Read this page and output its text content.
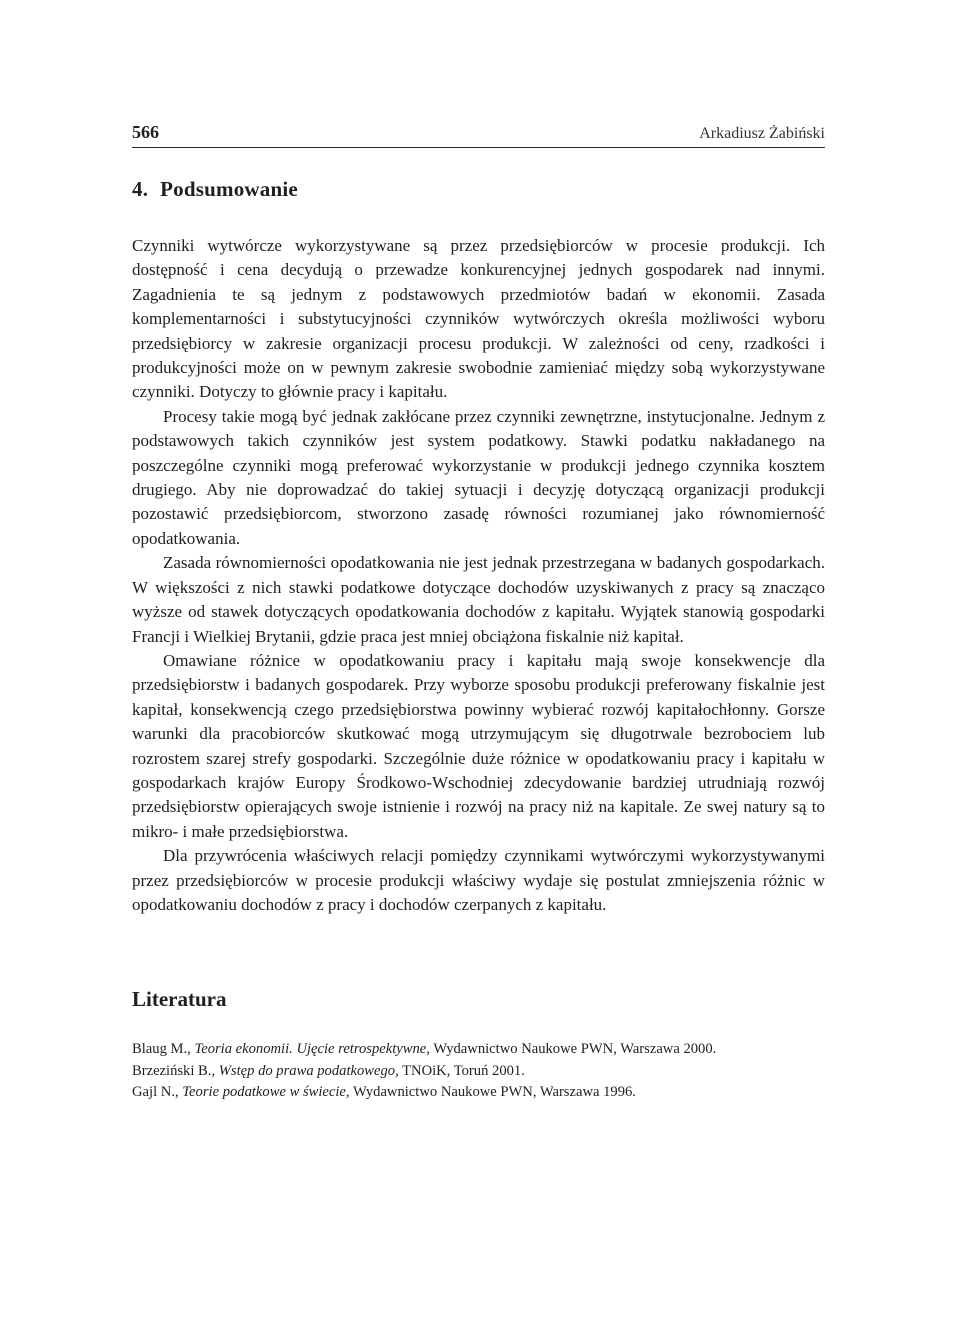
566	Arkadiusz Żabiński
4. Podsumowanie

Czynniki wytwórcze wykorzystywane są przez przedsiębiorców w procesie produkcji. Ich dostępność i cena decydują o przewadze konkurencyjnej jednych gospodarek nad innymi. Zagadnienia te są jednym z podstawowych przedmiotów badań w ekonomii. Zasada komplementarności i substytucyjności czynników wytwórczych określa możliwości wyboru przedsiębiorcy w zakresie organizacji procesu produkcji. W zależności od ceny, rzadkości i produkcyjności może on w pewnym zakresie swobodnie zamieniać między sobą wykorzystywane czynniki. Dotyczy to głównie pracy i kapitału.

Procesy takie mogą być jednak zakłócane przez czynniki zewnętrzne, instytucjonalne. Jednym z podstawowych takich czynników jest system podatkowy. Stawki podatku nakładanego na poszczególne czynniki mogą preferować wykorzystanie w produkcji jednego czynnika kosztem drugiego. Aby nie doprowadzać do takiej sytuacji i decyzję dotyczącą organizacji produkcji pozostawić przedsiębiorcom, stworzono zasadę równości rozumianej jako równomierność opodatkowania.

Zasada równomierności opodatkowania nie jest jednak przestrzegana w badanych gospodarkach. W większości z nich stawki podatkowe dotyczące dochodów uzyskiwanych z pracy są znacząco wyższe od stawek dotyczących opodatkowania dochodów z kapitału. Wyjątek stanowią gospodarki Francji i Wielkiej Brytanii, gdzie praca jest mniej obciążona fiskalnie niż kapitał.

Omawiane różnice w opodatkowaniu pracy i kapitału mają swoje konsekwencje dla przedsiębiorstw i badanych gospodarek. Przy wyborze sposobu produkcji preferowany fiskalnie jest kapitał, konsekwencją czego przedsiębiorstwa powinny wybierać rozwój kapitałochłonny. Gorsze warunki dla pracobiorców skutkować mogą utrzymującym się długotrwale bezrobociem lub rozrostem szarej strefy gospodarki. Szczególnie duże różnice w opodatkowaniu pracy i kapitału w gospodarkach krajów Europy Środkowo-Wschodniej zdecydowanie bardziej utrudniają rozwój przedsiębiorstw opierających swoje istnienie i rozwój na pracy niż na kapitale. Ze swej natury są to mikro- i małe przedsiębiorstwa.

Dla przywrócenia właściwych relacji pomiędzy czynnikami wytwórczymi wykorzystywanymi przez przedsiębiorców w procesie produkcji właściwy wydaje się postulat zmniejszenia różnic w opodatkowaniu dochodów z pracy i dochodów czerpanych z kapitału.

Literatura

Blaug M., Teoria ekonomii. Ujęcie retrospektywne, Wydawnictwo Naukowe PWN, Warszawa 2000.

Brzeziński B., Wstęp do prawa podatkowego, TNOiK, Toruń 2001.

Gajl N., Teorie podatkowe w świecie, Wydawnictwo Naukowe PWN, Warszawa 1996.
